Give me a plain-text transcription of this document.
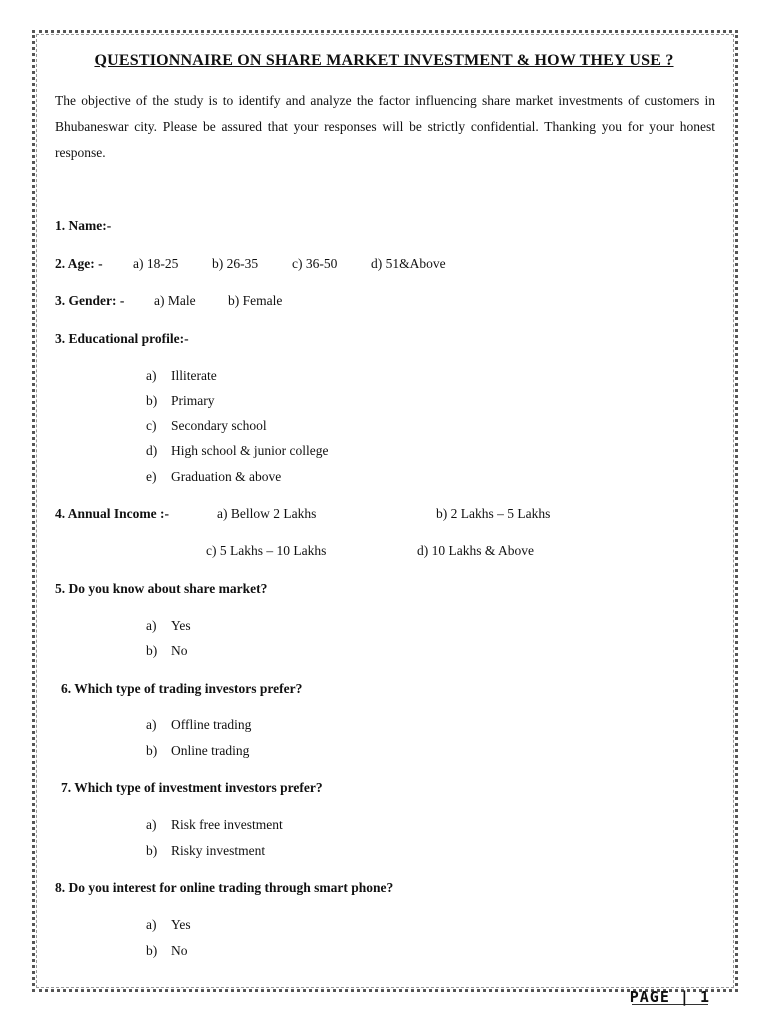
QUESTIONNAIRE ON SHARE MARKET INVESTMENT & HOW THEY USE ?
The objective of the study is to identify and analyze the factor influencing share market investments of customers in Bhubaneswar city. Please be assured that your responses will be strictly confidential. Thanking you for your honest response.
1. Name:-
2. Age: - a) 18-25 b) 26-35	c) 36-50 d) 51&Above
3. Gender: - a) Male b) Female
3. Educational profile:-
a) Illiterate
b) Primary
c) Secondary school
d) High school & junior college
e) Graduation & above
4. Annual Income :-	a) Bellow 2 Lakhs	b) 2 Lakhs – 5 Lakhs
c) 5 Lakhs – 10 Lakhs	d) 10 Lakhs & Above
5. Do you know about share market?
a) Yes
b) No
6. Which type of trading investors prefer?
a) Offline trading
b) Online trading
7. Which type of investment investors prefer?
a) Risk free investment
b) Risky investment
8. Do you interest for online trading through smart phone?
a) Yes
b) No
PAGE | 1
